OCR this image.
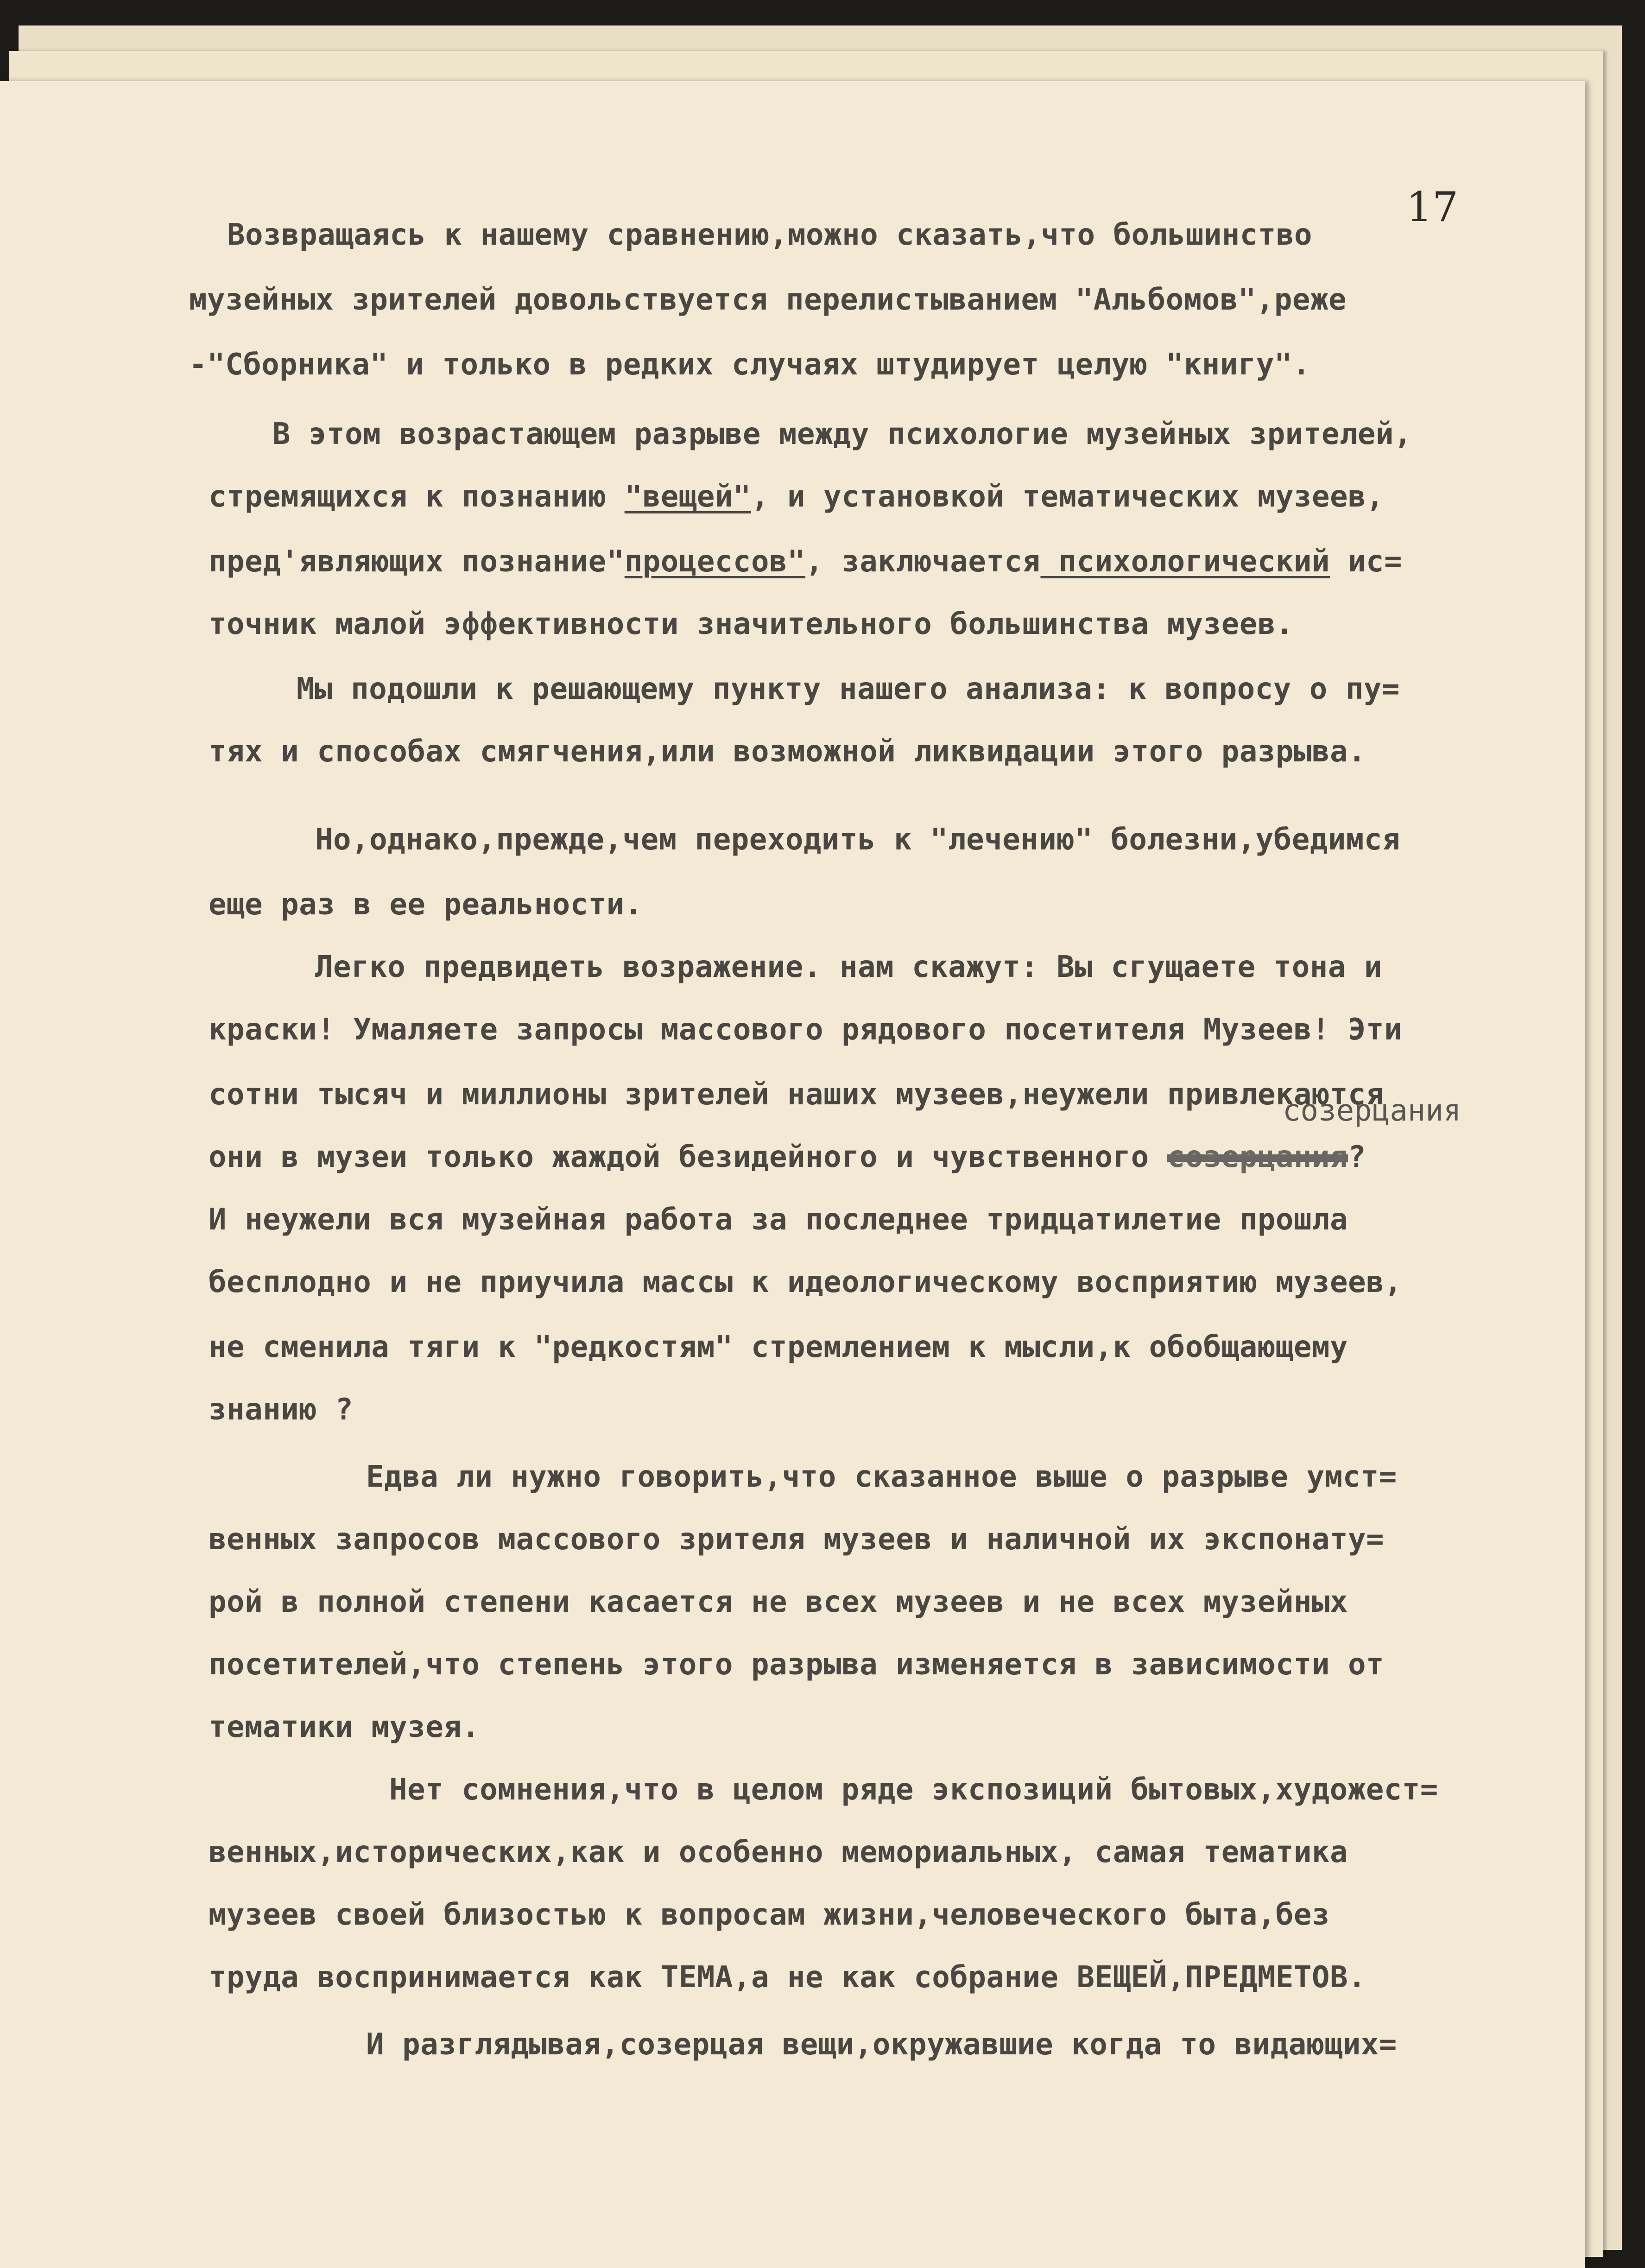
17
Возвращаясь к нашему сравнению,можно сказать,что большинство
музейных зрителей довольствуется перелистыванием "Альбомов",реже
-"Сборника" и только в редких случаях штудирует целую "книгу".
В этом возрастающем разрыве между психологие музейных зрителей,
стремящихся к познанию "вещей", и установкой тематических музеев,
пред'являющих познание"процессов", заключается психологический ис=
точник малой эффективности значительного большинства музеев.
Мы подошли к решающему пункту нашего анализа: к вопросу о пу=
тях и способах смягчения,или возможной ликвидации этого разрыва.
Но,однако,прежде,чем переходить к "лечению" болезни,убедимся
еще раз в ее реальности.
Легко предвидеть возражение. нам скажут: Вы сгущаете тона и
краски! Умаляете запросы массового рядового посетителя Музеев! Эти
сотни тысяч и миллионы зрителей наших музеев,неужели привлекаются
они в музеи только жаждой безидейного и чувственного созерцания?
И неужели вся музейная работа за последнее тридцатилетие прошла
бесплодно и не приучила массы к идеологическому восприятию музеев,
не сменила тяги к "редкостям" стремлением к мысли,к обобщающему
знанию ?
Едва ли нужно говорить,что сказанное выше о разрыве умст=
венных запросов массового зрителя музеев и наличной их экспонату=
рой в полной степени касается не всех музеев и не всех музейных
посетителей,что степень этого разрыва изменяется в зависимости от
тематики музея.
Нет сомнения,что в целом ряде экспозиций бытовых,художест=
венных,исторических,как и особенно мемориальных, самая тематика
музеев своей близостью к вопросам жизни,человеческого быта,без
труда воспринимается как ТЕМА,а не как собрание ВЕЩЕЙ,ПРЕДМЕТОВ.
И разглядывая,созерцая вещи,окружавшие когда то видающих=
созерцания
